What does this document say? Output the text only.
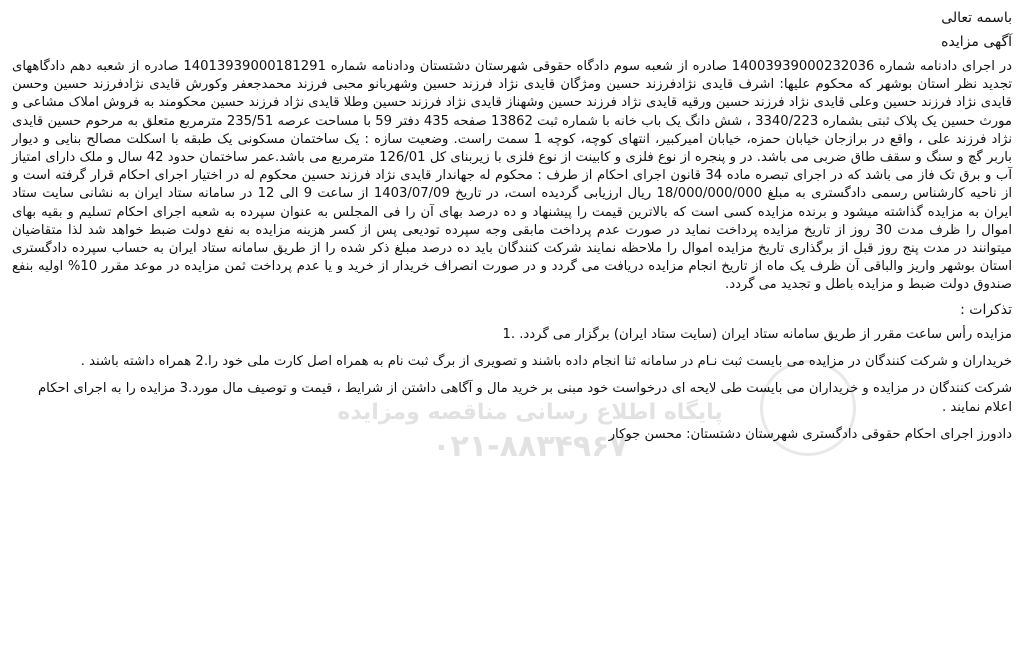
باسمه تعالی

آگهی مزایده

در اجرای دادنامه شماره 14003939000232036 صادره از شعبه سوم دادگاه حقوقی شهرستان دشتستان ودادنامه شماره 14013939000181291 صادره از شعبه دهم دادگاههای تجدید نظر استان بوشهر که محکوم علیها: اشرف قایدی نژادفرزند حسین ومژگان قایدی نژاد فرزند حسین وشهربانو محبی فرزند محمدجعفر وکورش قایدی نژادفرزند حسین وحسن قایدی نژاد فرزند حسین وعلی قایدی نژاد فرزند حسین ورقیه قایدی نژاد فرزند حسین وشهناز قایدی نژاد فرزند حسین وطلا قایدی نژاد فرزند حسین محکومند به فروش املاک مشاعی و مورث حسین یک پلاک ثبتی بشماره 3340/223 ، شش دانگ یک باب خانه با شماره ثبت 13862 صفحه 435 دفتر 59 با مساحت عرصه 235/51 مترمربع متعلق به مرحوم حسین قایدی نژاد فرزند علی ، واقع در برازجان خیابان حمزه، خیابان امیرکبیر، انتهای کوچه، کوچه 1 سمت راست. وضعیت سازه : یک ساختمان مسکونی یک طبقه با اسکلت مصالح بنایی و دیوار باربر گچ و سنگ و سقف طاق ضربی می باشد. در و پنجره از نوع فلزی و کابینت از نوع فلزی با زیربنای کل 126/01 مترمربع می باشد.عمر ساختمان حدود 42 سال و ملک دارای امتیاز آب و برق تک فاز می باشد که در اجرای تبصره ماده 34 قانون اجرای احکام از طرف : محکوم له جهاندار قایدی نژاد فرزند حسین محکوم له در اختیار اجرای احکام قرار گرفته است و از ناحیه کارشناس رسمی دادگستری به مبلغ 18/000/000/000 ریال ارزیابی گردیده است، در تاریخ 1403/07/09 از ساعت 9 الی 12 در سامانه ستاد ایران به نشانی سایت ستاد ایران به مزایده گذاشته میشود و برنده مزایده کسی است که بالاترین قیمت را پیشنهاد و ده درصد بهای آن را فی المجلس به عنوان سپرده به شعبه اجرای احکام تسلیم و بقیه بهای اموال را ظرف مدت 30 روز از تاریخ مزایده پرداخت نماید در صورت عدم پرداخت مابقی وجه سپرده تودیعی پس از کسر هزینه مزایده به نفع دولت ضبط خواهد شد لذا متقاضیان میتوانند در مدت پنج روز قبل از برگذاری تاریخ مزایده اموال را ملاحظه نمایند شرکت کنندگان باید ده درصد مبلغ ذکر شده را از طریق سامانه ستاد ایران به حساب سپرده دادگستری استان بوشهر واریز والباقی آن ظرف یک ماه از تاریخ انجام مزایده دریافت می گردد و در صورت انصراف خریدار از خرید و یا عدم پرداخت ثمن مزایده در موعد مقرر 10% اولیه بنفع صندوق دولت ضبط و مزایده باطل و تجدید می گردد.

تذکرات :

مزایده رأس ساعت مقرر از طریق سامانه ستاد ایران (سایت ستاد ایران) برگزار می گردد. .1

خریداران و شرکت کنندگان در مزایده می بایست ثبت نـام در سامانه ثنا انجام داده باشند و تصویری از برگ ثبت نام به همراه اصل کارت ملی خود را.2 همراه داشته باشند .

شرکت کنندگان در مزایده و خریداران می بایست طی لایحه ای درخواست خود مبنی بر خرید مال و آگاهی داشتن از شرایط ، قیمت و توصیف مال مورد.3 مزایده را به اجرای احکام اعلام نمایند .

دادورز اجرای احکام حقوقی دادگستری شهرستان دشتستان: محسن جوکار

پایگاه اطلاع رسانی مناقصه ومزایده
۰۲۱-۸۸۳۴۹۶۷
